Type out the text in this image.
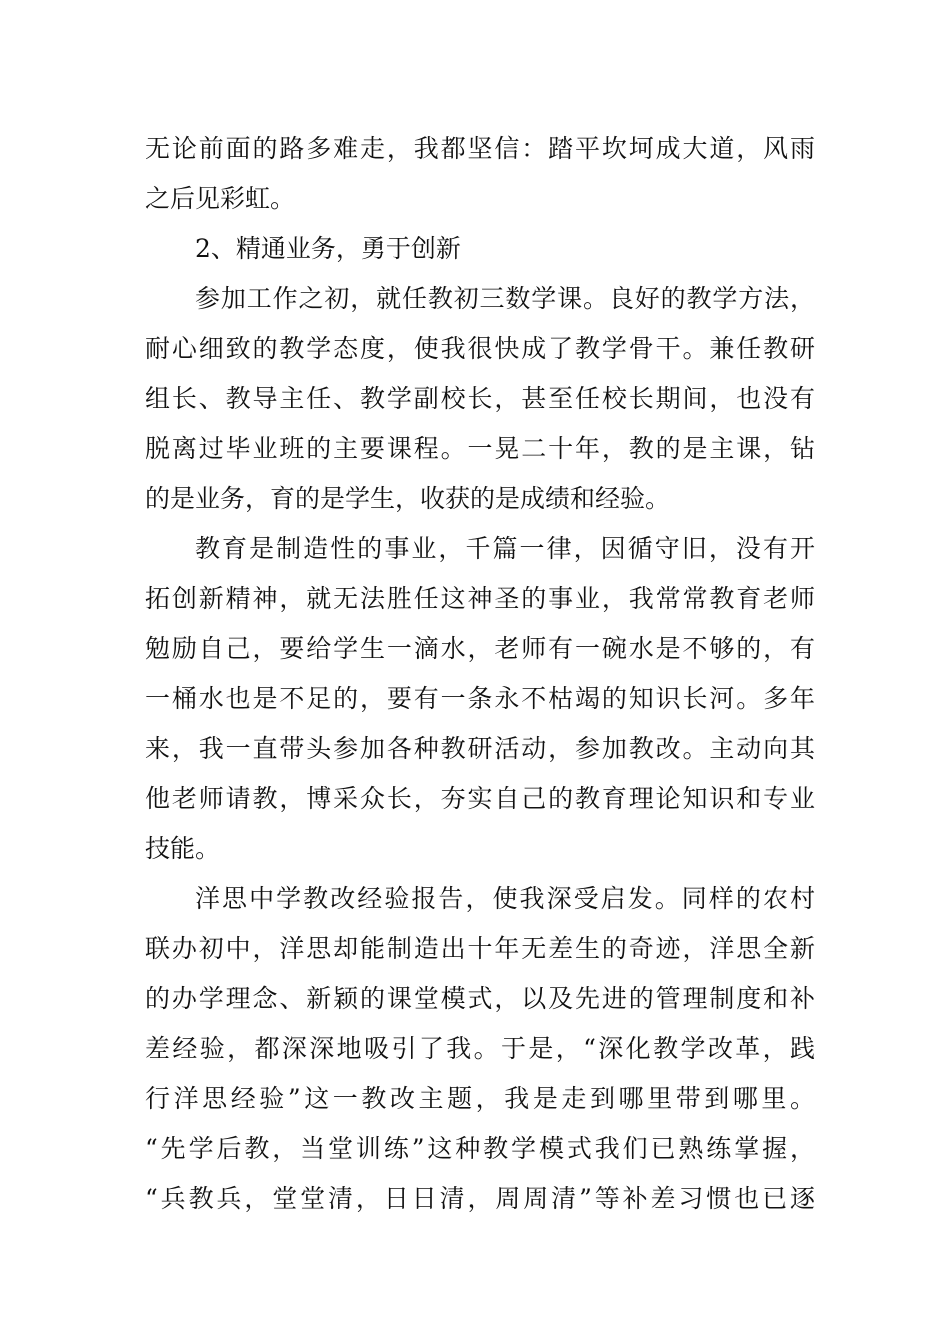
无论前面的路多难走，我都坚信：踏平坎坷成大道，风雨
之后见彩虹。
2、精通业务，勇于创新
参加工作之初，就任教初三数学课。良好的教学方法，
耐心细致的教学态度，使我很快成了教学骨干。兼任教研
组长、教导主任、教学副校长，甚至任校长期间，也没有
脱离过毕业班的主要课程。一晃二十年，教的是主课，钻
的是业务，育的是学生，收获的是成绩和经验。
教育是制造性的事业，千篇一律，因循守旧，没有开
拓创新精神，就无法胜任这神圣的事业，我常常教育老师
勉励自己，要给学生一滴水，老师有一碗水是不够的，有
一桶水也是不足的，要有一条永不枯竭的知识长河。多年
来，我一直带头参加各种教研活动，参加教改。主动向其
他老师请教，博采众长，夯实自己的教育理论知识和专业
技能。
洋思中学教改经验报告，使我深受启发。同样的农村
联办初中，洋思却能制造出十年无差生的奇迹，洋思全新
的办学理念、新颖的课堂模式，以及先进的管理制度和补
差经验，都深深地吸引了我。于是，“深化教学改革，践
行洋思经验”这一教改主题，我是走到哪里带到哪里。
“先学后教，当堂训练”这种教学模式我们已熟练掌握，
“兵教兵，堂堂清，日日清，周周清”等补差习惯也已逐
